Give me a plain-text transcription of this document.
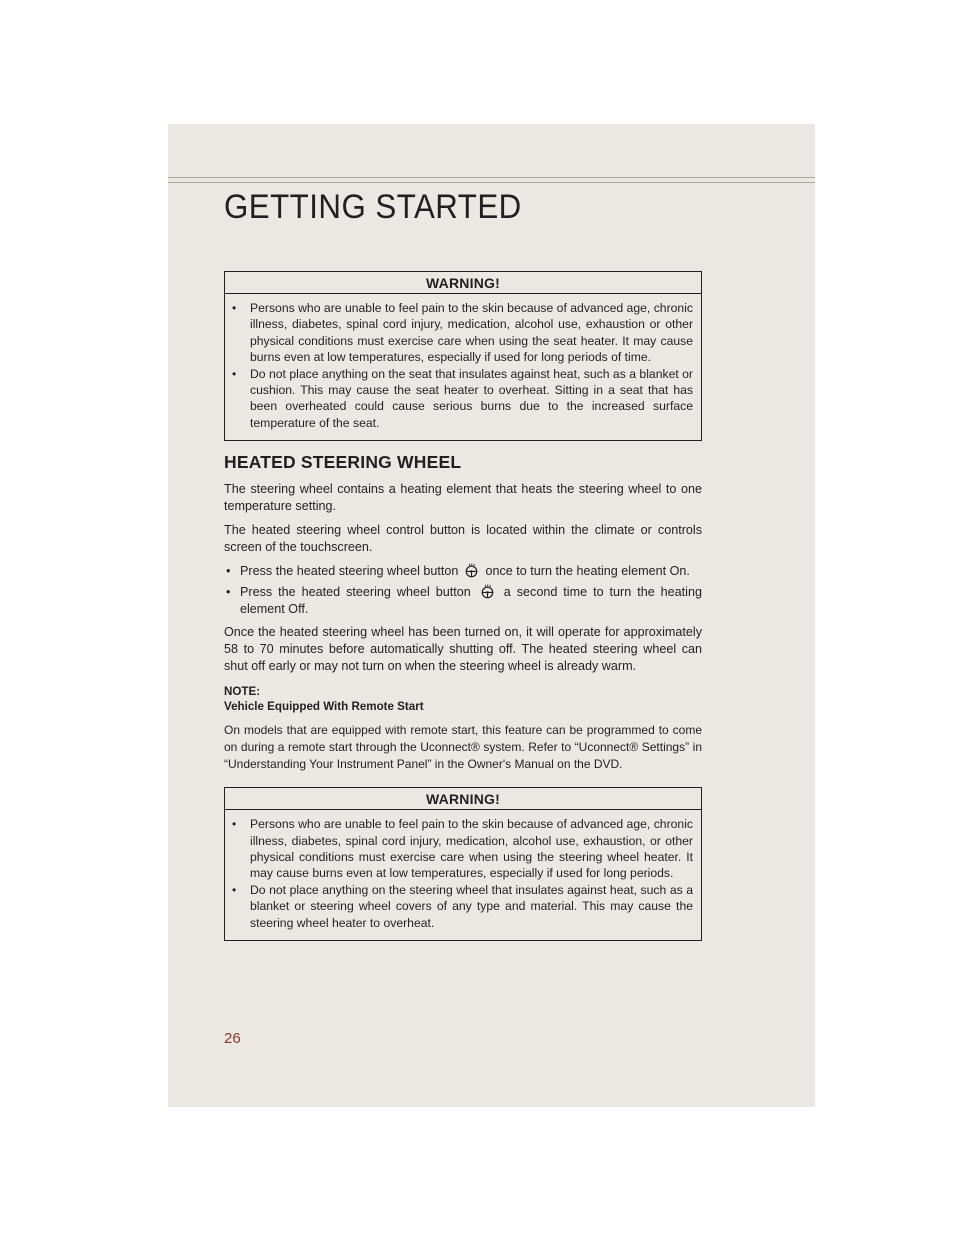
GETTING STARTED
WARNING!
• Persons who are unable to feel pain to the skin because of advanced age, chronic illness, diabetes, spinal cord injury, medication, alcohol use, exhaustion or other physical conditions must exercise care when using the seat heater. It may cause burns even at low temperatures, especially if used for long periods of time.
• Do not place anything on the seat that insulates against heat, such as a blanket or cushion. This may cause the seat heater to overheat. Sitting in a seat that has been overheated could cause serious burns due to the increased surface temperature of the seat.
HEATED STEERING WHEEL

The steering wheel contains a heating element that heats the steering wheel to one temperature setting.

The heated steering wheel control button is located within the climate or controls screen of the touchscreen.

• Press the heated steering wheel button once to turn the heating element On.
• Press the heated steering wheel button	a second time to turn the heating element Off.

Once the heated steering wheel has been turned on, it will operate for approximately 58 to 70 minutes before automatically shutting off. The heated steering wheel can shut off early or may not turn on when the steering wheel is already warm.

NOTE:
Vehicle Equipped With Remote Start

On models that are equipped with remote start, this feature can be programmed to come on during a remote start through the Uconnect® system. Refer to “Uconnect® Settings” in “Understanding Your Instrument Panel” in the Owner's Manual on the DVD.

WARNING!
• Persons who are unable to feel pain to the skin because of advanced age, chronic illness, diabetes, spinal cord injury, medication, alcohol use, exhaustion, or other physical conditions must exercise care when using the steering wheel heater. It may cause burns even at low temperatures, especially if used for long periods.
• Do not place anything on the steering wheel that insulates against heat, such as a blanket or steering wheel covers of any type and material. This may cause the steering wheel heater to overheat.
26
